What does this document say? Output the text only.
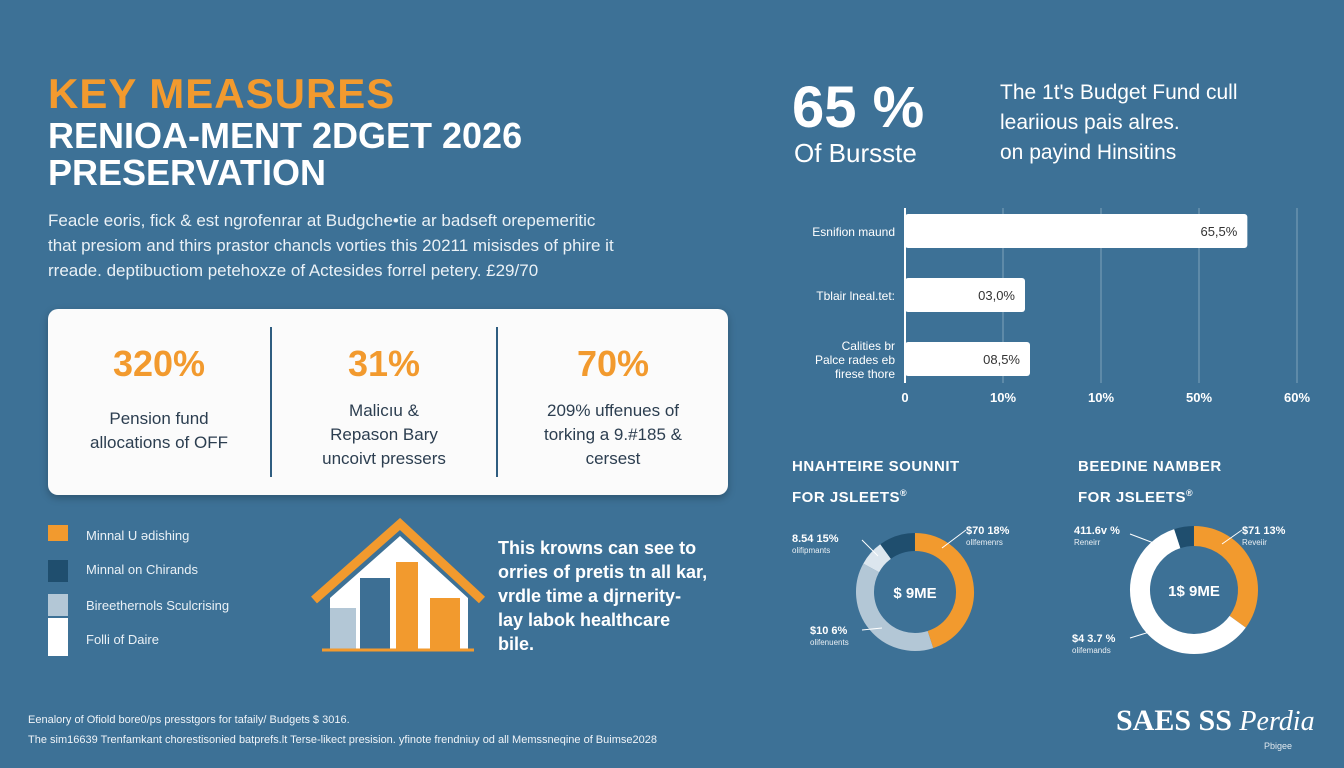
KEY MEASURES
RENIOA-MENT 2DGET 2026
PRESERVATION
Feacle eoris, fick & est ngrofenrar at Budgche•tie ar badseft orepemeritic
that presiom and thirs prastor chancls vorties this 20211 misisdes of phire it
rreade. deptibuctiom petehoxze of Actesides forrel petery. £29/70
320%
Pension fund
allocations of OFF
31%
Malicıu &
Repason Bary
uncoivt pressers
70%
209% uffenues of
torking a 9.#185 &
cersest
Minnal U ədishing
Minnal on Chirands
Bireethernols Sculcrising
Folli of Daire
This krowns can see to
orries of pretis tn all kar,
vrdle time a djrnerity-
lay labok healthcare
bile.
65 %
Of Bursste
The 1t's Budget Fund cull
leariious pais alres.
on payind Hinsitins
0	10%	10%	50%	60%
65,5%
03,0%
08,5%
Esnifion maund
Tblair lneal.tet:
Calities br
Palce rades eb
firese thore
HNAHTEIRE SOUNNIT
FOR JSLEETS®
$ 9ME
$70 18%
ollfemenrs
8.54 15%
olifipmants
$10 6%
olifenuents
BEEDINE NAMBER
FOR JSLEETS®
1$ 9ME
$71 13%
Reveiir
411.6v %
Reneirr
$4 3.7 %
olifemands
Eenalory of Ofiold bore0/ps presstgors for tafaily/ Budgets $ 3016.
The sim16639 Trenfamkant chorestisonied batprefs.lt Terse-likect presision. yfinote frendniuy od all Memssneqine of Buimse2028
SAES SS Perdia
Pbigee
